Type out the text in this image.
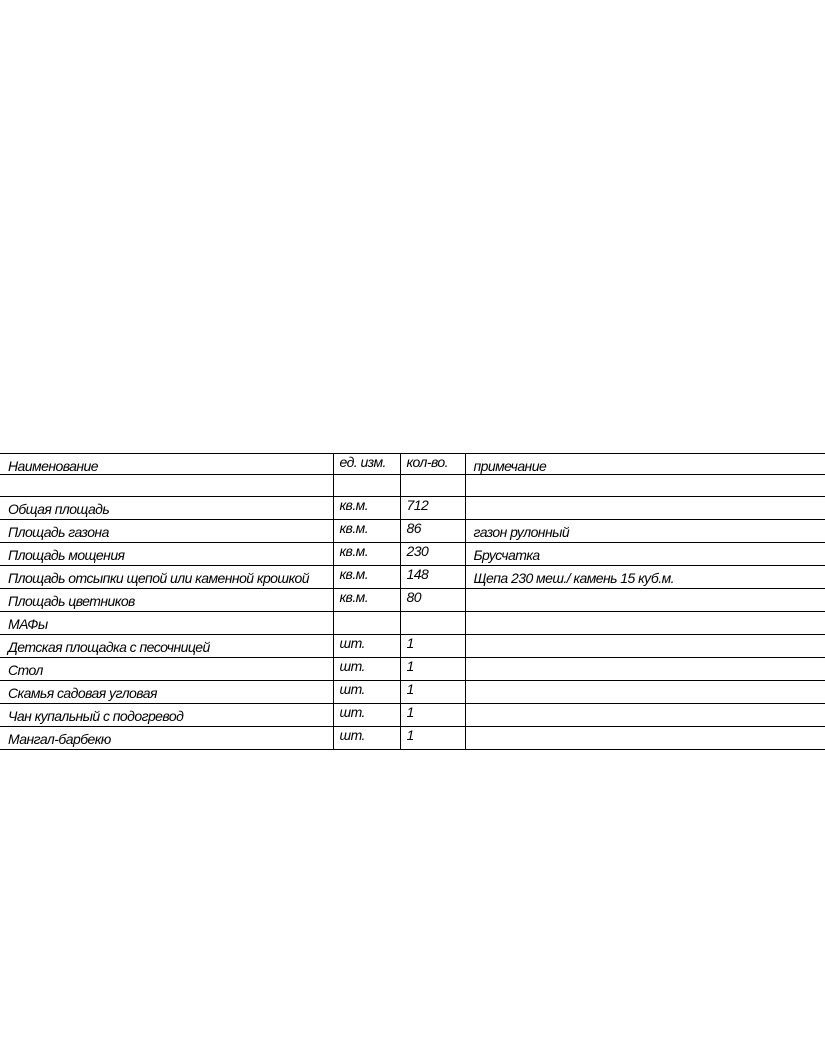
Наименование	ед. изм.	кол-во.	примечание

Общая площадь	кв.м.	712	

Площадь газона	кв.м.	86	газон рулонный

Площадь мощения	кв.м.	230	Брусчатка

Площадь отсыпки щепой или каменной крошкой	кв.м.	148	Щепа 230 меш./ камень 15 куб.м.

Площадь цветников	кв.м.	80	

МАФы			

Детская площадка с песочницей	шт.	1	

Стол	шт.	1	

Скамья садовая угловая	шт.	1	

Чан купальный с подогревод	шт.	1	

Мангал-барбекю	шт.	1	
